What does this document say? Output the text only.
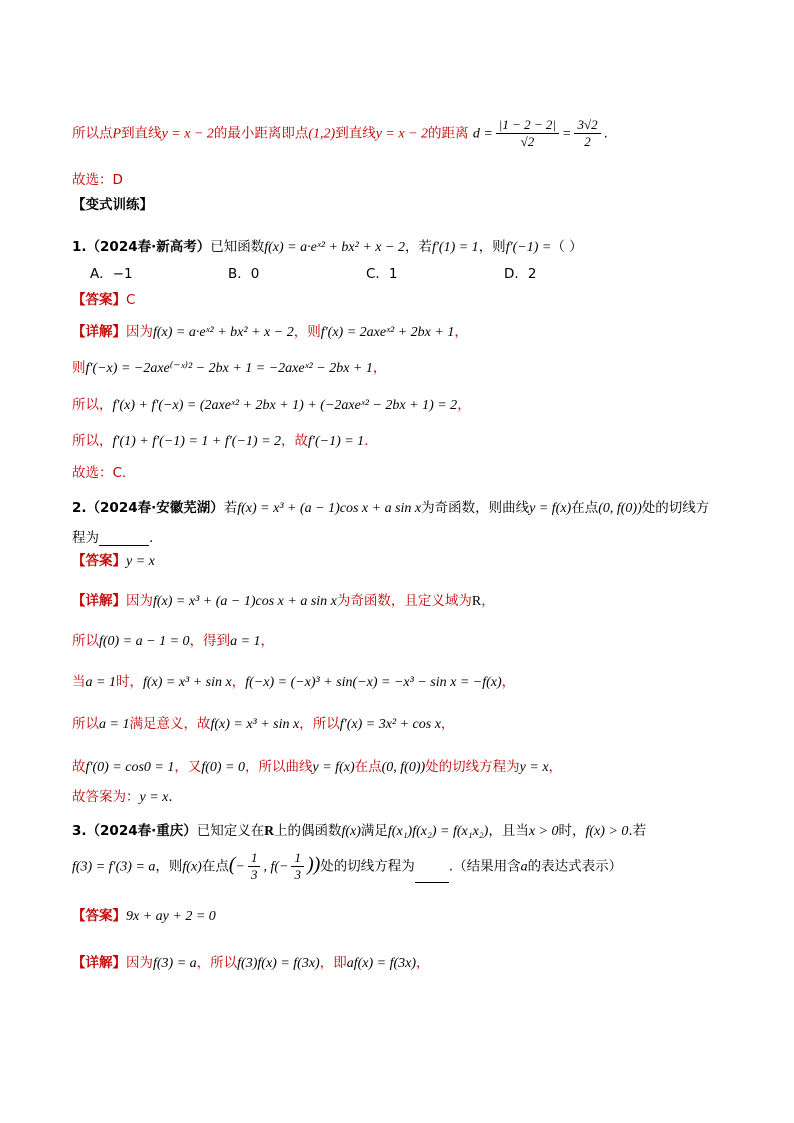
所以点P到直线y = x − 2的最小距离即点(1,2)到直线y = x − 2的距离 $d = \frac{|1 - 2 - 2|}{√2} = \frac{3√2}{2}$ .
故选：D
【变式训练】
1.（2024春·新高考）已知函数f(x) = a·eˣ² + bx² + x − 2，若f′(1) = 1，则f′(−1) =（ ）
A．−1	B．0	C．1	D．2
【答案】C
【详解】因为f(x) = a·eˣ² + bx² + x − 2，则f′(x) = 2axeˣ² + 2bx + 1，
则f′(−x) = −2axe⁽⁻ˣ⁾² − 2bx + 1 = −2axeˣ² − 2bx + 1，
所以，f′(x) + f′(−x) = (2axeˣ² + 2bx + 1) + (−2axeˣ² − 2bx + 1) = 2，
所以，f′(1) + f′(−1) = 1 + f′(−1) = 2，故f′(−1) = 1.
故选：C.
2.（2024春·安徽芜湖）若f(x) = x³ + (a − 1)cos x + a sin x为奇函数，则曲线y = f(x)在点(0, f(0))处的切线方
程为	.
【答案】y = x
【详解】因为f(x) = x³ + (a − 1)cos x + a sin x为奇函数，且定义域为R，
所以f(0) = a − 1 = 0，得到a = 1，
当a = 1时，f(x) = x³ + sin x，f(−x) = (−x)³ + sin(−x) = −x³ − sin x = −f(x)，
所以a = 1满足意义，故f(x) = x³ + sin x，所以f′(x) = 3x² + cos x，
故f′(0) = cos0 = 1，又f(0) = 0，所以曲线y = f(x)在点(0, f(0))处的切线方程为y = x，
故答案为：y = x.
3.（2024春·重庆）已知定义在R上的偶函数f(x)满足f(x₁)f(x₂) = f(x₁x₂)，且当x > 0时，f(x) > 0.若
f(3) = f′(3) = a，则f(x)在点(− $\frac{1}{3}$ , $f(- \frac{1}{3}$ ))处的切线方程为	.（结果用含a的表达式表示）
【答案】9x + ay + 2 = 0
【详解】因为f(3) = a，所以f(3)f(x) = f(3x)，即af(x) = f(3x)，
